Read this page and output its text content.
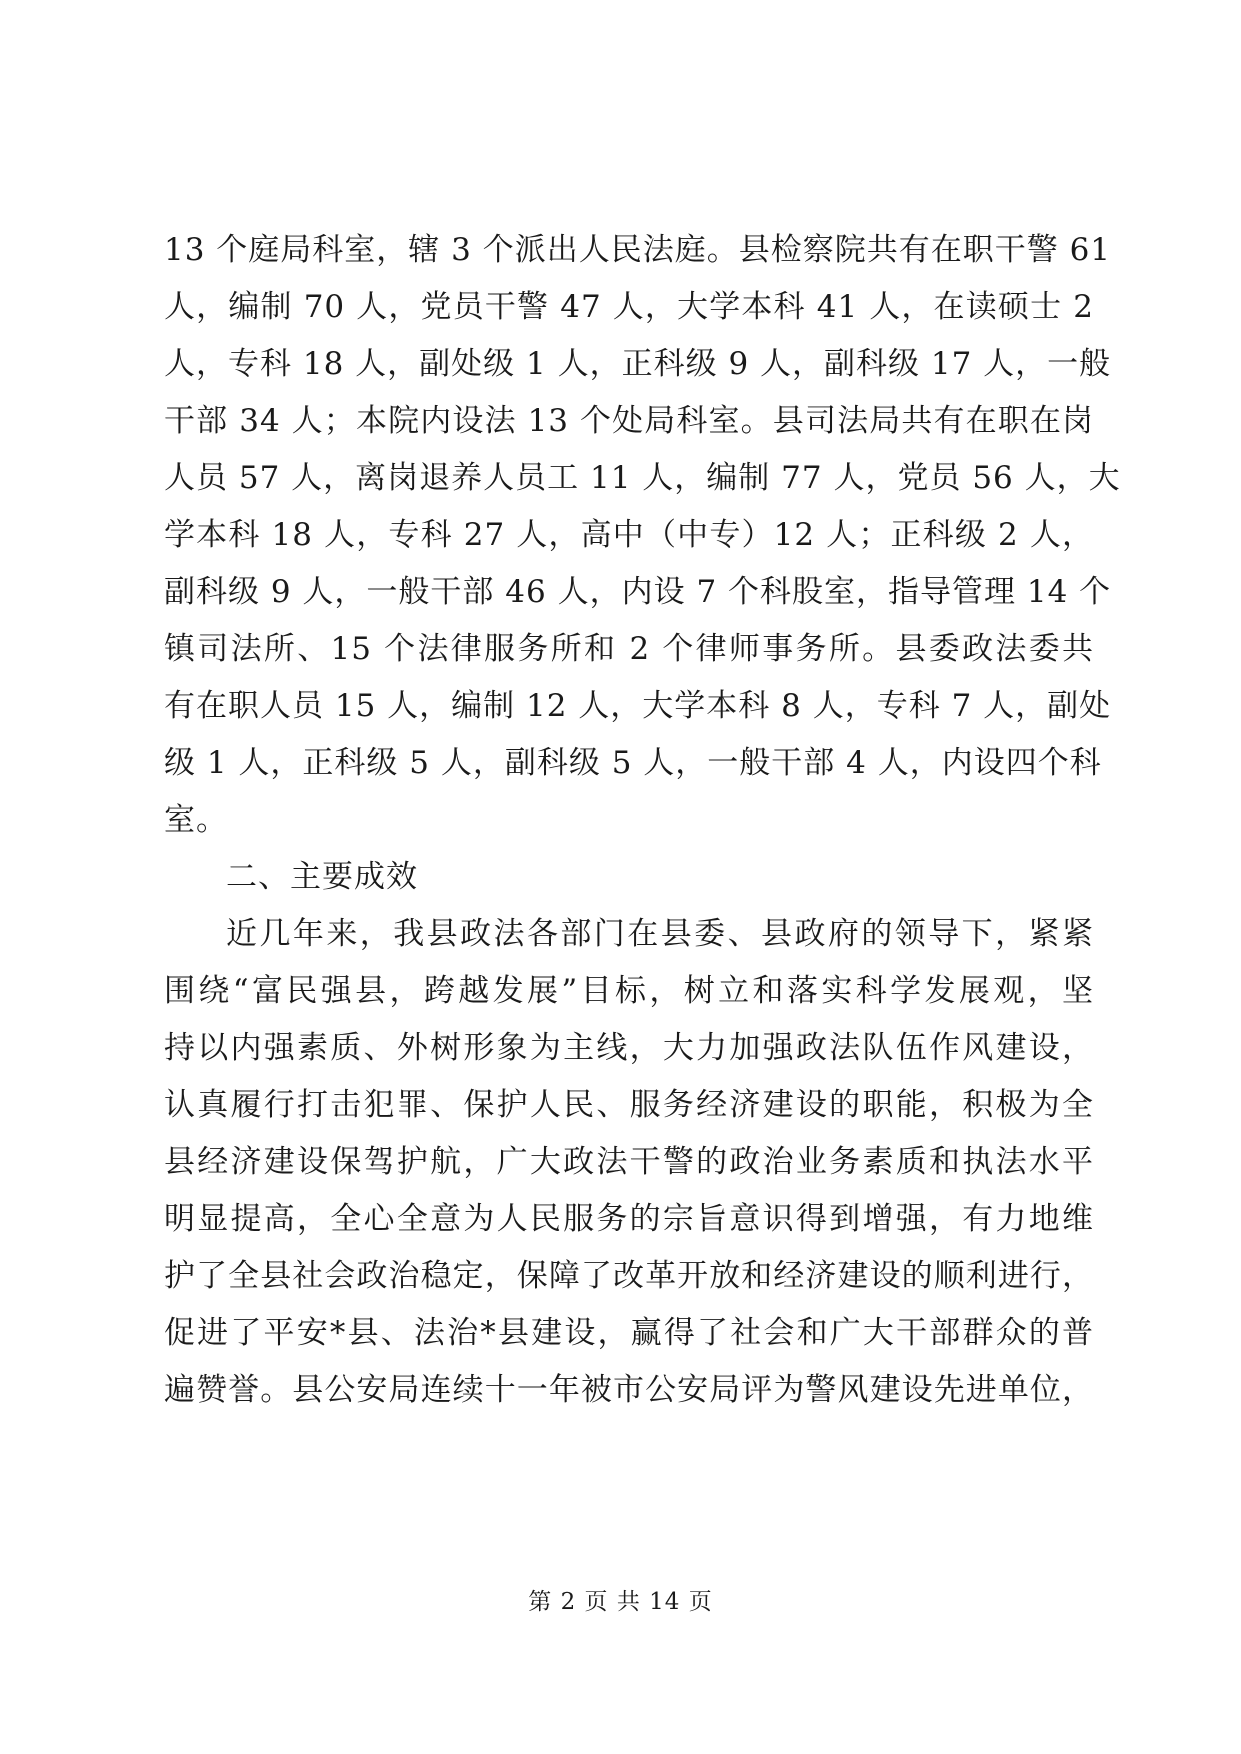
13 个庭局科室，辖 3 个派出人民法庭。县检察院共有在职干警 61
人，编制 70 人，党员干警 47 人，大学本科 41 人，在读硕士 2
人，专科 18 人，副处级 1 人，正科级 9 人，副科级 17 人，一般
干部 34 人；本院内设法 13 个处局科室。县司法局共有在职在岗
人员 57 人，离岗退养人员工 11 人，编制 77 人，党员 56 人，大
学本科 18 人，专科 27 人，高中（中专）12 人；正科级 2 人，
副科级 9 人，一般干部 46 人，内设 7 个科股室，指导管理 14 个
镇司法所、15 个法律服务所和 2 个律师事务所。县委政法委共
有在职人员 15 人，编制 12 人，大学本科 8 人，专科 7 人，副处
级 1 人，正科级 5 人，副科级 5 人，一般干部 4 人，内设四个科
室。
二、主要成效
近几年来，我县政法各部门在县委、县政府的领导下，紧紧
围绕“富民强县，跨越发展”目标，树立和落实科学发展观，坚
持以内强素质、外树形象为主线，大力加强政法队伍作风建设，
认真履行打击犯罪、保护人民、服务经济建设的职能，积极为全
县经济建设保驾护航，广大政法干警的政治业务素质和执法水平
明显提高，全心全意为人民服务的宗旨意识得到增强，有力地维
护了全县社会政治稳定，保障了改革开放和经济建设的顺利进行，
促进了平安*县、法治*县建设，赢得了社会和广大干部群众的普
遍赞誉。县公安局连续十一年被市公安局评为警风建设先进单位，
第 2 页 共 14 页
